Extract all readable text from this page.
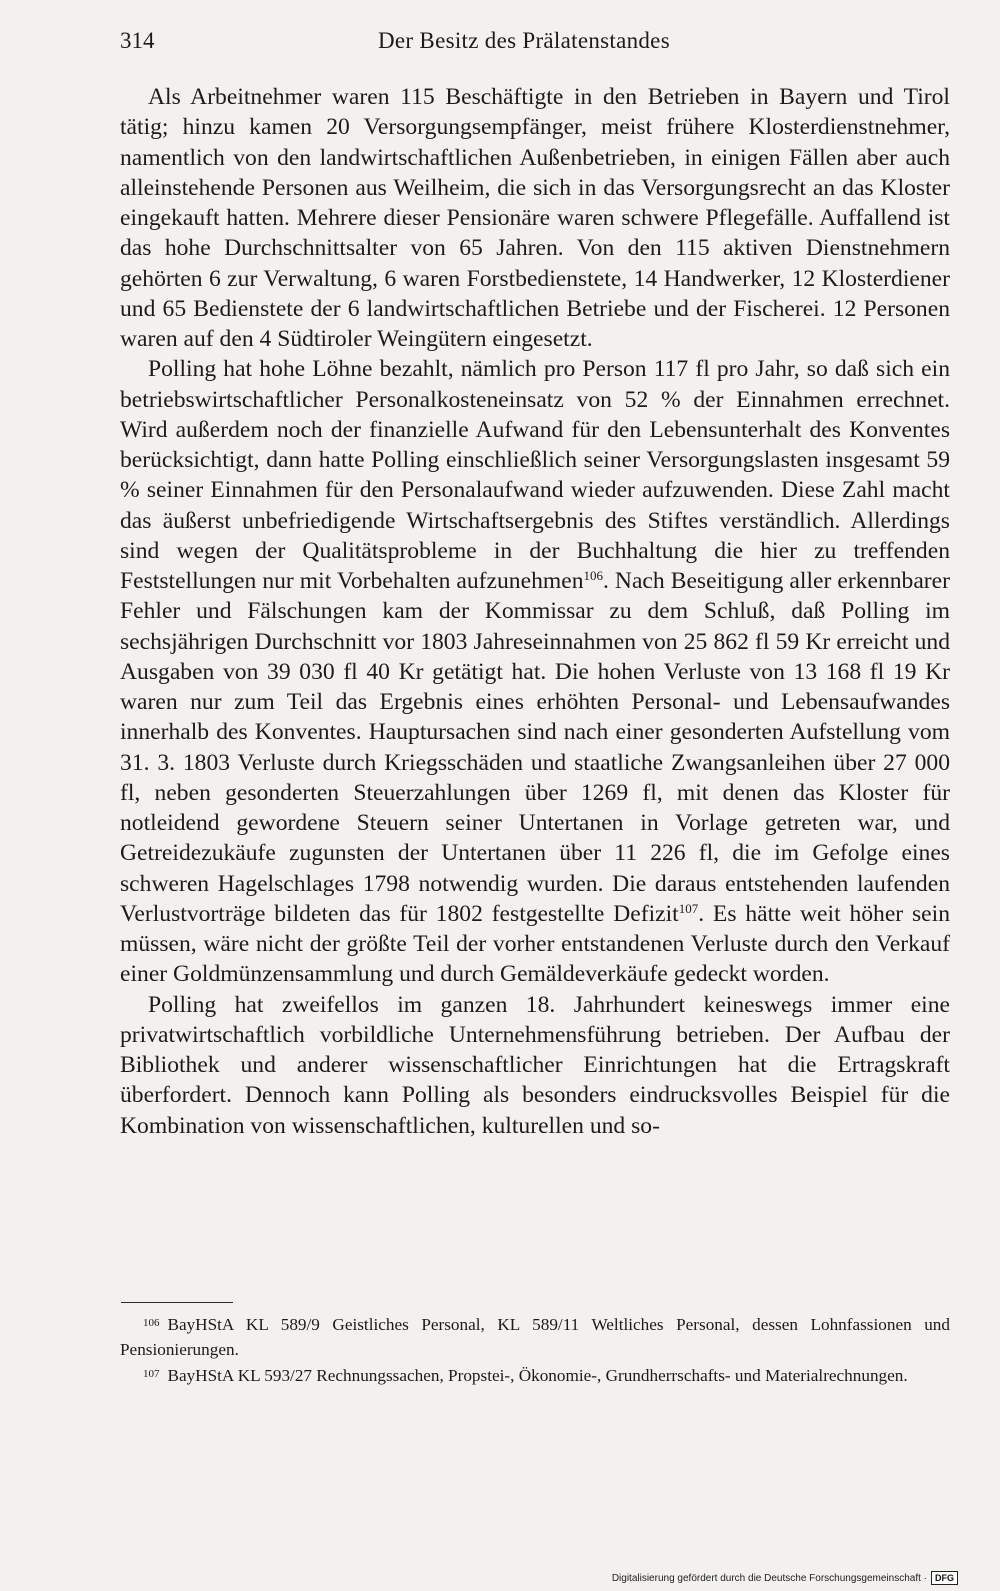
314	Der Besitz des Prälatenstandes

Als Arbeitnehmer waren 115 Beschäftigte in den Betrieben in Bayern und Tirol tätig; hinzu kamen 20 Versorgungsempfänger, meist frühere Klosterdienstnehmer, namentlich von den landwirtschaftlichen Außenbetrieben, in einigen Fällen aber auch alleinstehende Personen aus Weilheim, die sich in das Versorgungsrecht an das Kloster eingekauft hatten. Mehrere dieser Pensionäre waren schwere Pflegefälle. Auffallend ist das hohe Durchschnittsalter von 65 Jahren. Von den 115 aktiven Dienstnehmern gehörten 6 zur Verwaltung, 6 waren Forstbedienstete, 14 Handwerker, 12 Klosterdiener und 65 Bedienstete der 6 landwirtschaftlichen Betriebe und der Fischerei. 12 Personen waren auf den 4 Südtiroler Weingütern eingesetzt.

Polling hat hohe Löhne bezahlt, nämlich pro Person 117 fl pro Jahr, so daß sich ein betriebswirtschaftlicher Personalkosteneinsatz von 52 % der Einnahmen errechnet. Wird außerdem noch der finanzielle Aufwand für den Lebensunterhalt des Konventes berücksichtigt, dann hatte Polling einschließlich seiner Versorgungslasten insgesamt 59 % seiner Einnahmen für den Personalaufwand wieder aufzuwenden. Diese Zahl macht das äußerst unbefriedigende Wirtschaftsergebnis des Stiftes verständlich. Allerdings sind wegen der Qualitätsprobleme in der Buchhaltung die hier zu treffenden Feststellungen nur mit Vorbehalten aufzunehmen$^{106}$. Nach Beseitigung aller erkennbarer Fehler und Fälschungen kam der Kommissar zu dem Schluß, daß Polling im sechsjährigen Durchschnitt vor 1803 Jahreseinnahmen von 25 862 fl 59 Kr erreicht und Ausgaben von 39 030 fl 40 Kr getätigt hat. Die hohen Verluste von 13 168 fl 19 Kr waren nur zum Teil das Ergebnis eines erhöhten Personal- und Lebensaufwandes innerhalb des Konventes. Hauptursachen sind nach einer gesonderten Aufstellung vom 31. 3. 1803 Verluste durch Kriegsschäden und staatliche Zwangsanleihen über 27 000 fl, neben gesonderten Steuerzahlungen über 1269 fl, mit denen das Kloster für notleidend gewordene Steuern seiner Untertanen in Vorlage getreten war, und Getreidezukäufe zugunsten der Untertanen über 11 226 fl, die im Gefolge eines schweren Hagelschlages 1798 notwendig wurden. Die daraus entstehenden laufenden Verlustvorträge bildeten das für 1802 festgestellte Defizit$^{107}$. Es hätte weit höher sein müssen, wäre nicht der größte Teil der vorher entstandenen Verluste durch den Verkauf einer Goldmünzensammlung und durch Gemäldeverkäufe gedeckt worden.

Polling hat zweifellos im ganzen 18. Jahrhundert keineswegs immer eine privatwirtschaftlich vorbildliche Unternehmensführung betrieben. Der Aufbau der Bibliothek und anderer wissenschaftlicher Einrichtungen hat die Ertragskraft überfordert. Dennoch kann Polling als besonders eindrucksvolles Beispiel für die Kombination von wissenschaftlichen, kulturellen und so-

$^{106}$ BayHStA KL 589/9 Geistliches Personal, KL 589/11 Weltliches Personal, dessen Lohnfassionen und Pensionierungen.

$^{107}$ BayHStA KL 593/27 Rechnungssachen, Propstei-, Ökonomie-, Grundherrschafts- und Materialrechnungen.

Digitalisierung gefördert durch die Deutsche Forschungsgemeinschaft · DFG
